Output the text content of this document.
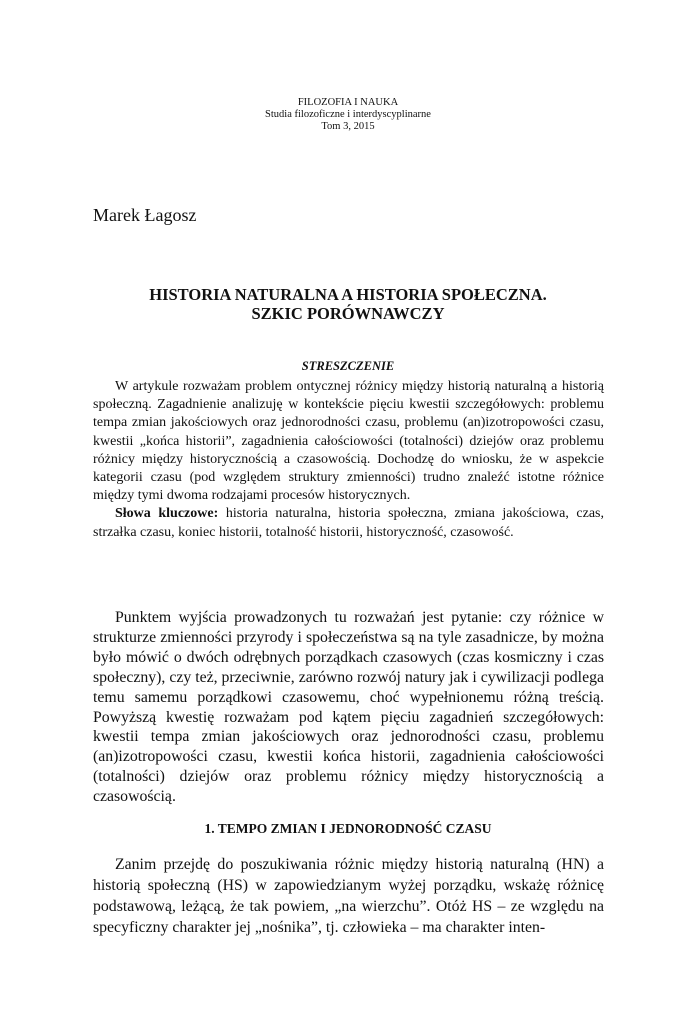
FILOZOFIA I NAUKA
Studia filozoficzne i interdyscyplinarne
Tom 3, 2015
Marek Łagosz
HISTORIA NATURALNA A HISTORIA SPOŁECZNA.
SZKIC PORÓWNAWCZY
STRESZCZENIE

W artykule rozważam problem ontycznej różnicy między historią naturalną a historią społeczną. Zagadnienie analizuję w kontekście pięciu kwestii szczegółowych: problemu tempa zmian jakościowych oraz jednorodności czasu, problemu (an)izotropowości czasu, kwestii „końca historii”, zagadnienia całościowości (totalności) dziejów oraz problemu różnicy między historycznością a czasowością. Dochodzę do wniosku, że w aspekcie kategorii czasu (pod względem struktury zmienności) trudno znaleźć istotne różnice między tymi dwoma rodzajami procesów historycznych.

Słowa kluczowe: historia naturalna, historia społeczna, zmiana jakościowa, czas, strzałka czasu, koniec historii, totalność historii, historyczność, czasowość.

Punktem wyjścia prowadzonych tu rozważań jest pytanie: czy różnice w strukturze zmienności przyrody i społeczeństwa są na tyle zasadnicze, by można było mówić o dwóch odrębnych porządkach czasowych (czas kosmiczny i czas społeczny), czy też, przeciwnie, zarówno rozwój natury jak i cywilizacji podlega temu samemu porządkowi czasowemu, choć wypełnionemu różną treścią. Powyższą kwestię rozważam pod kątem pięciu zagadnień szczegółowych: kwestii tempa zmian jakościowych oraz jednorodności czasu, problemu (an)izotropowości czasu, kwestii końca historii, zagadnienia całościowości (totalności) dziejów oraz problemu różnicy między historycznością a czasowością.

1. TEMPO ZMIAN I JEDNORODNOŚĆ CZASU

Zanim przejdę do poszukiwania różnic między historią naturalną (HN) a historią społeczną (HS) w zapowiedzianym wyżej porządku, wskażę różnicę podstawową, leżącą, że tak powiem, „na wierzchu”. Otóż HS – ze względu na specyficzny charakter jej „nośnika”, tj. człowieka – ma charakter inten-
